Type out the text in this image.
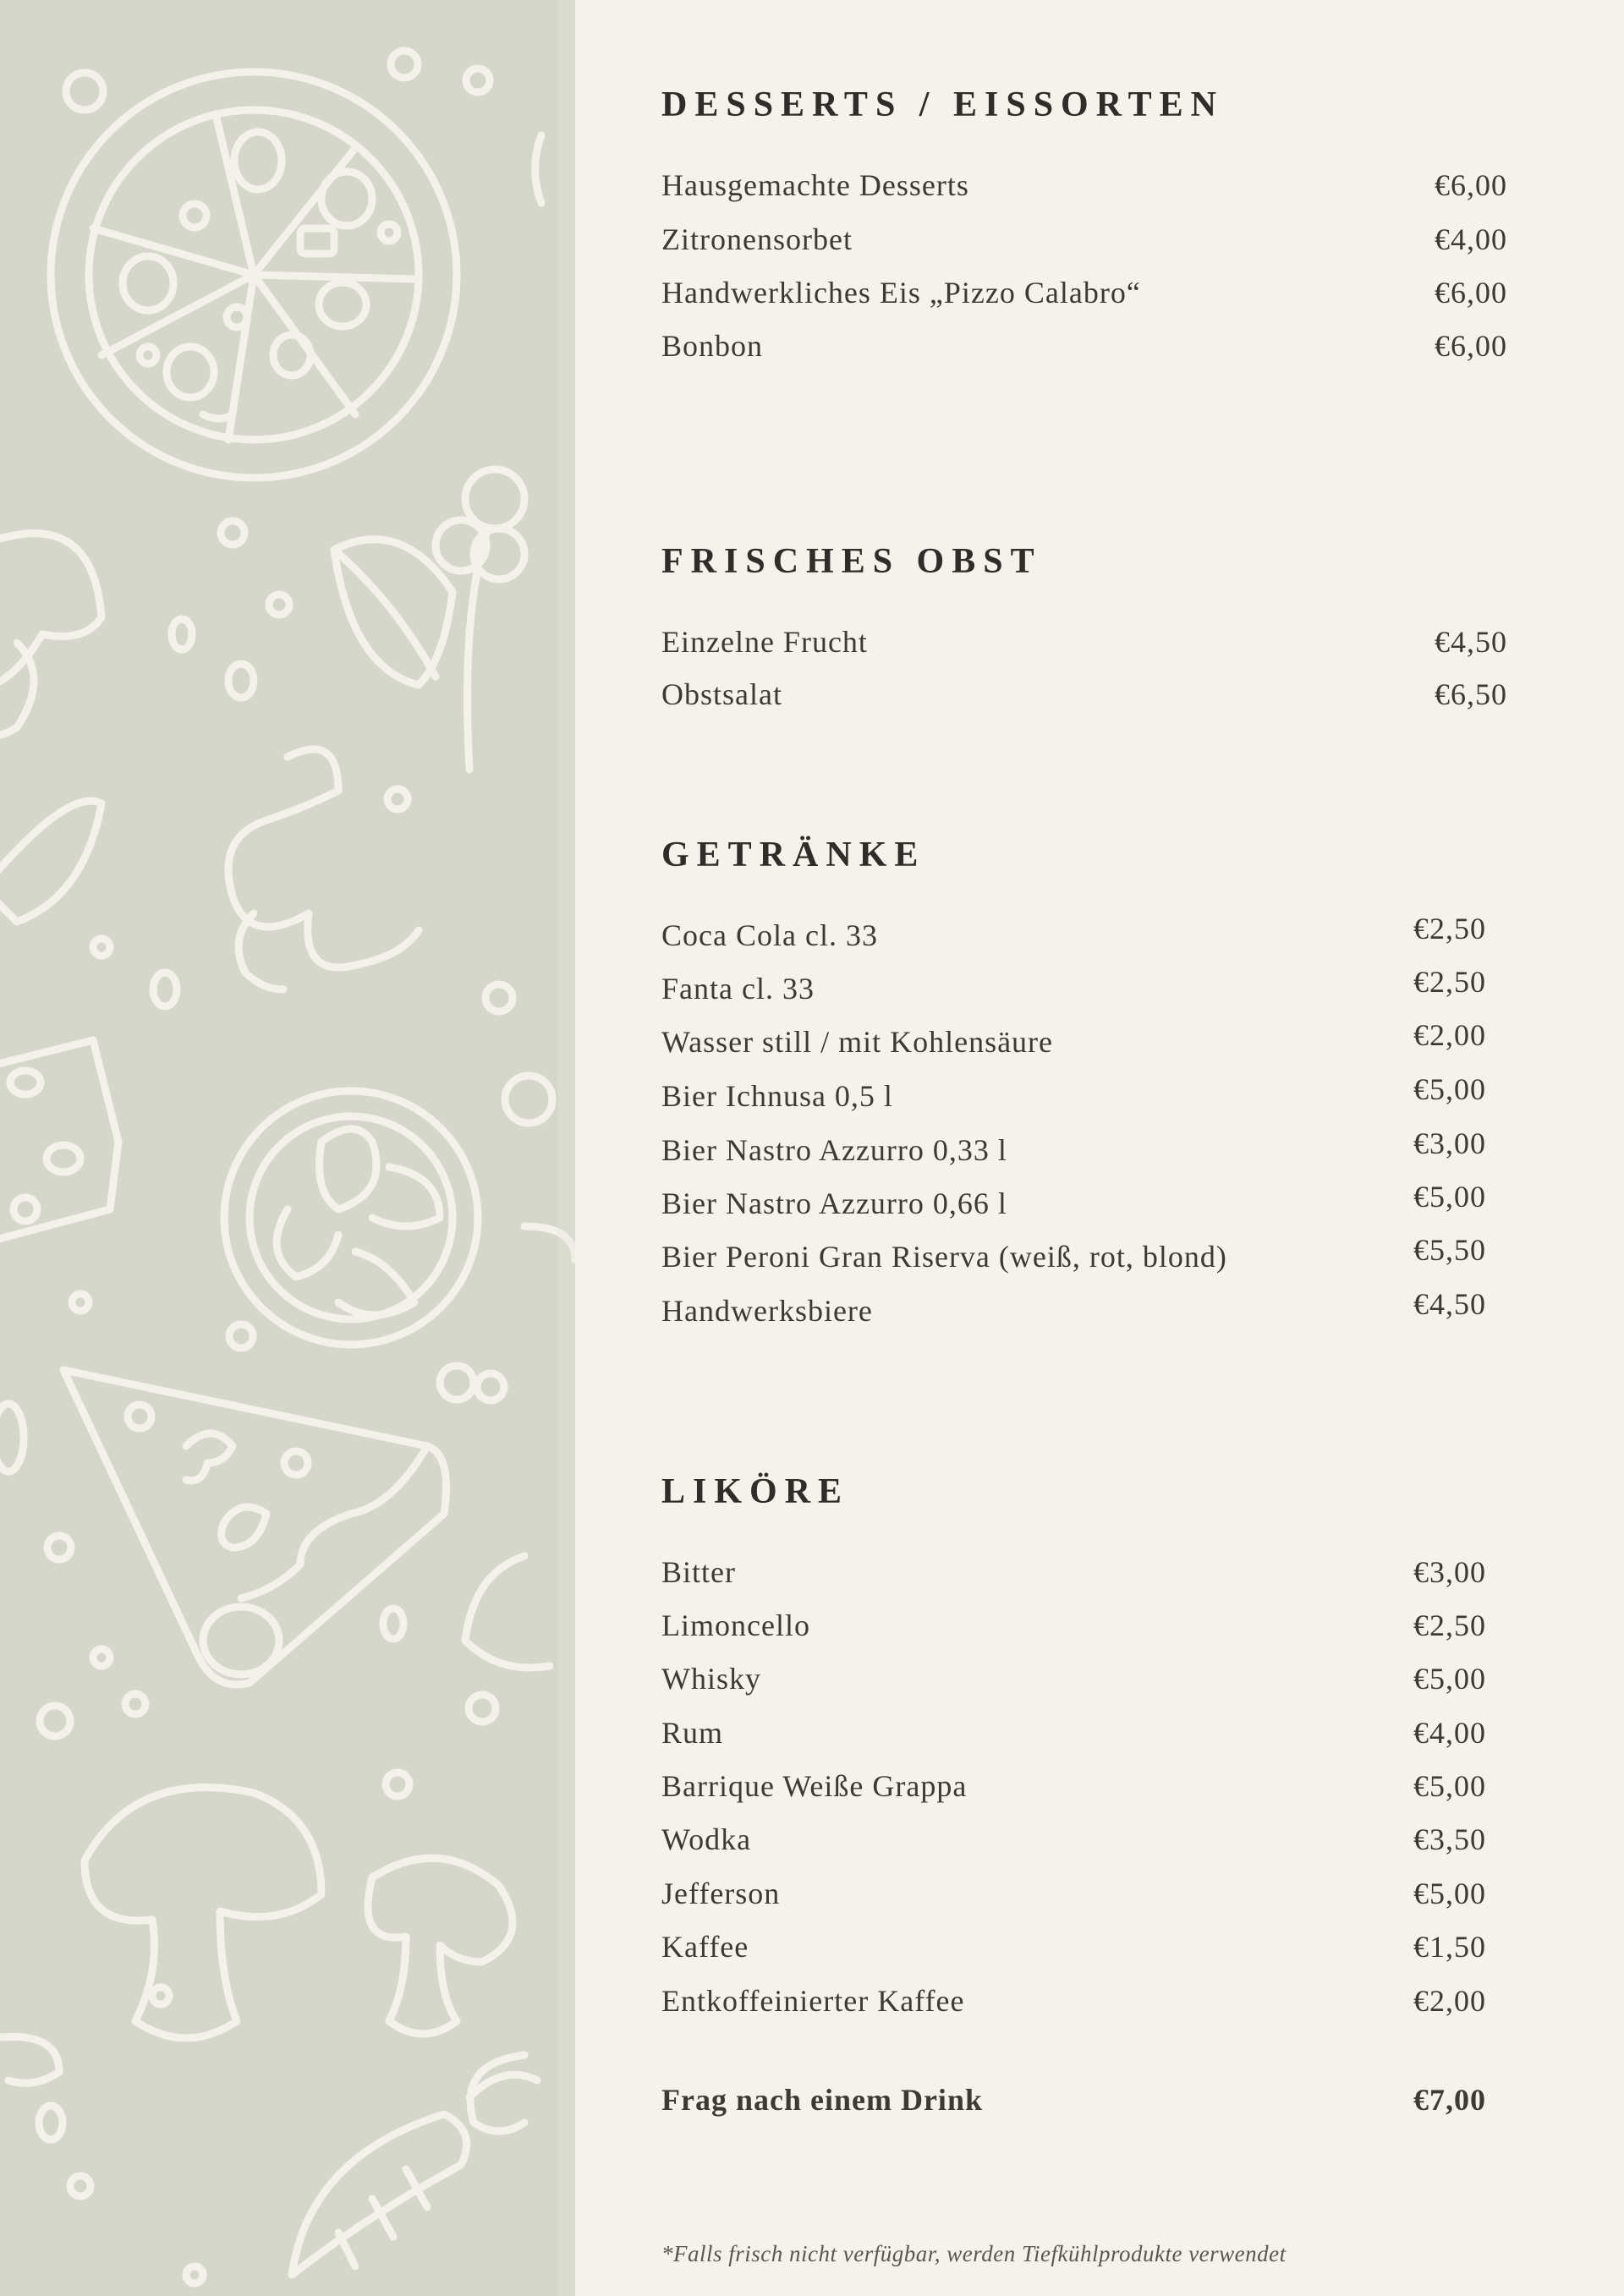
DESSERTS / EISSORTEN
Hausgemachte Desserts	€6,00
Zitronensorbet	€4,00
Handwerkliches Eis „Pizzo Calabro“	€6,00
Bonbon	€6,00
FRISCHES OBST
Einzelne Frucht	€4,50
Obstsalat	€6,50
GETRÄNKE
Coca Cola cl. 33	€2,50
Fanta cl. 33	€2,50
Wasser still / mit Kohlensäure	€2,00
Bier Ichnusa 0,5 l	€5,00
Bier Nastro Azzurro 0,33 l	€3,00
Bier Nastro Azzurro 0,66 l	€5,00
Bier Peroni Gran Riserva (weiß, rot, blond)	€5,50
Handwerksbiere	€4,50
LIKÖRE
Bitter	€3,00
Limoncello	€2,50
Whisky	€5,00
Rum	€4,00
Barrique Weiße Grappa	€5,00
Wodka	€3,50
Jefferson	€5,00
Kaffee	€1,50
Entkoffeinierter Kaffee	€2,00
Frag nach einem Drink	€7,00
*Falls frisch nicht verfügbar, werden Tiefkühlprodukte verwendet
